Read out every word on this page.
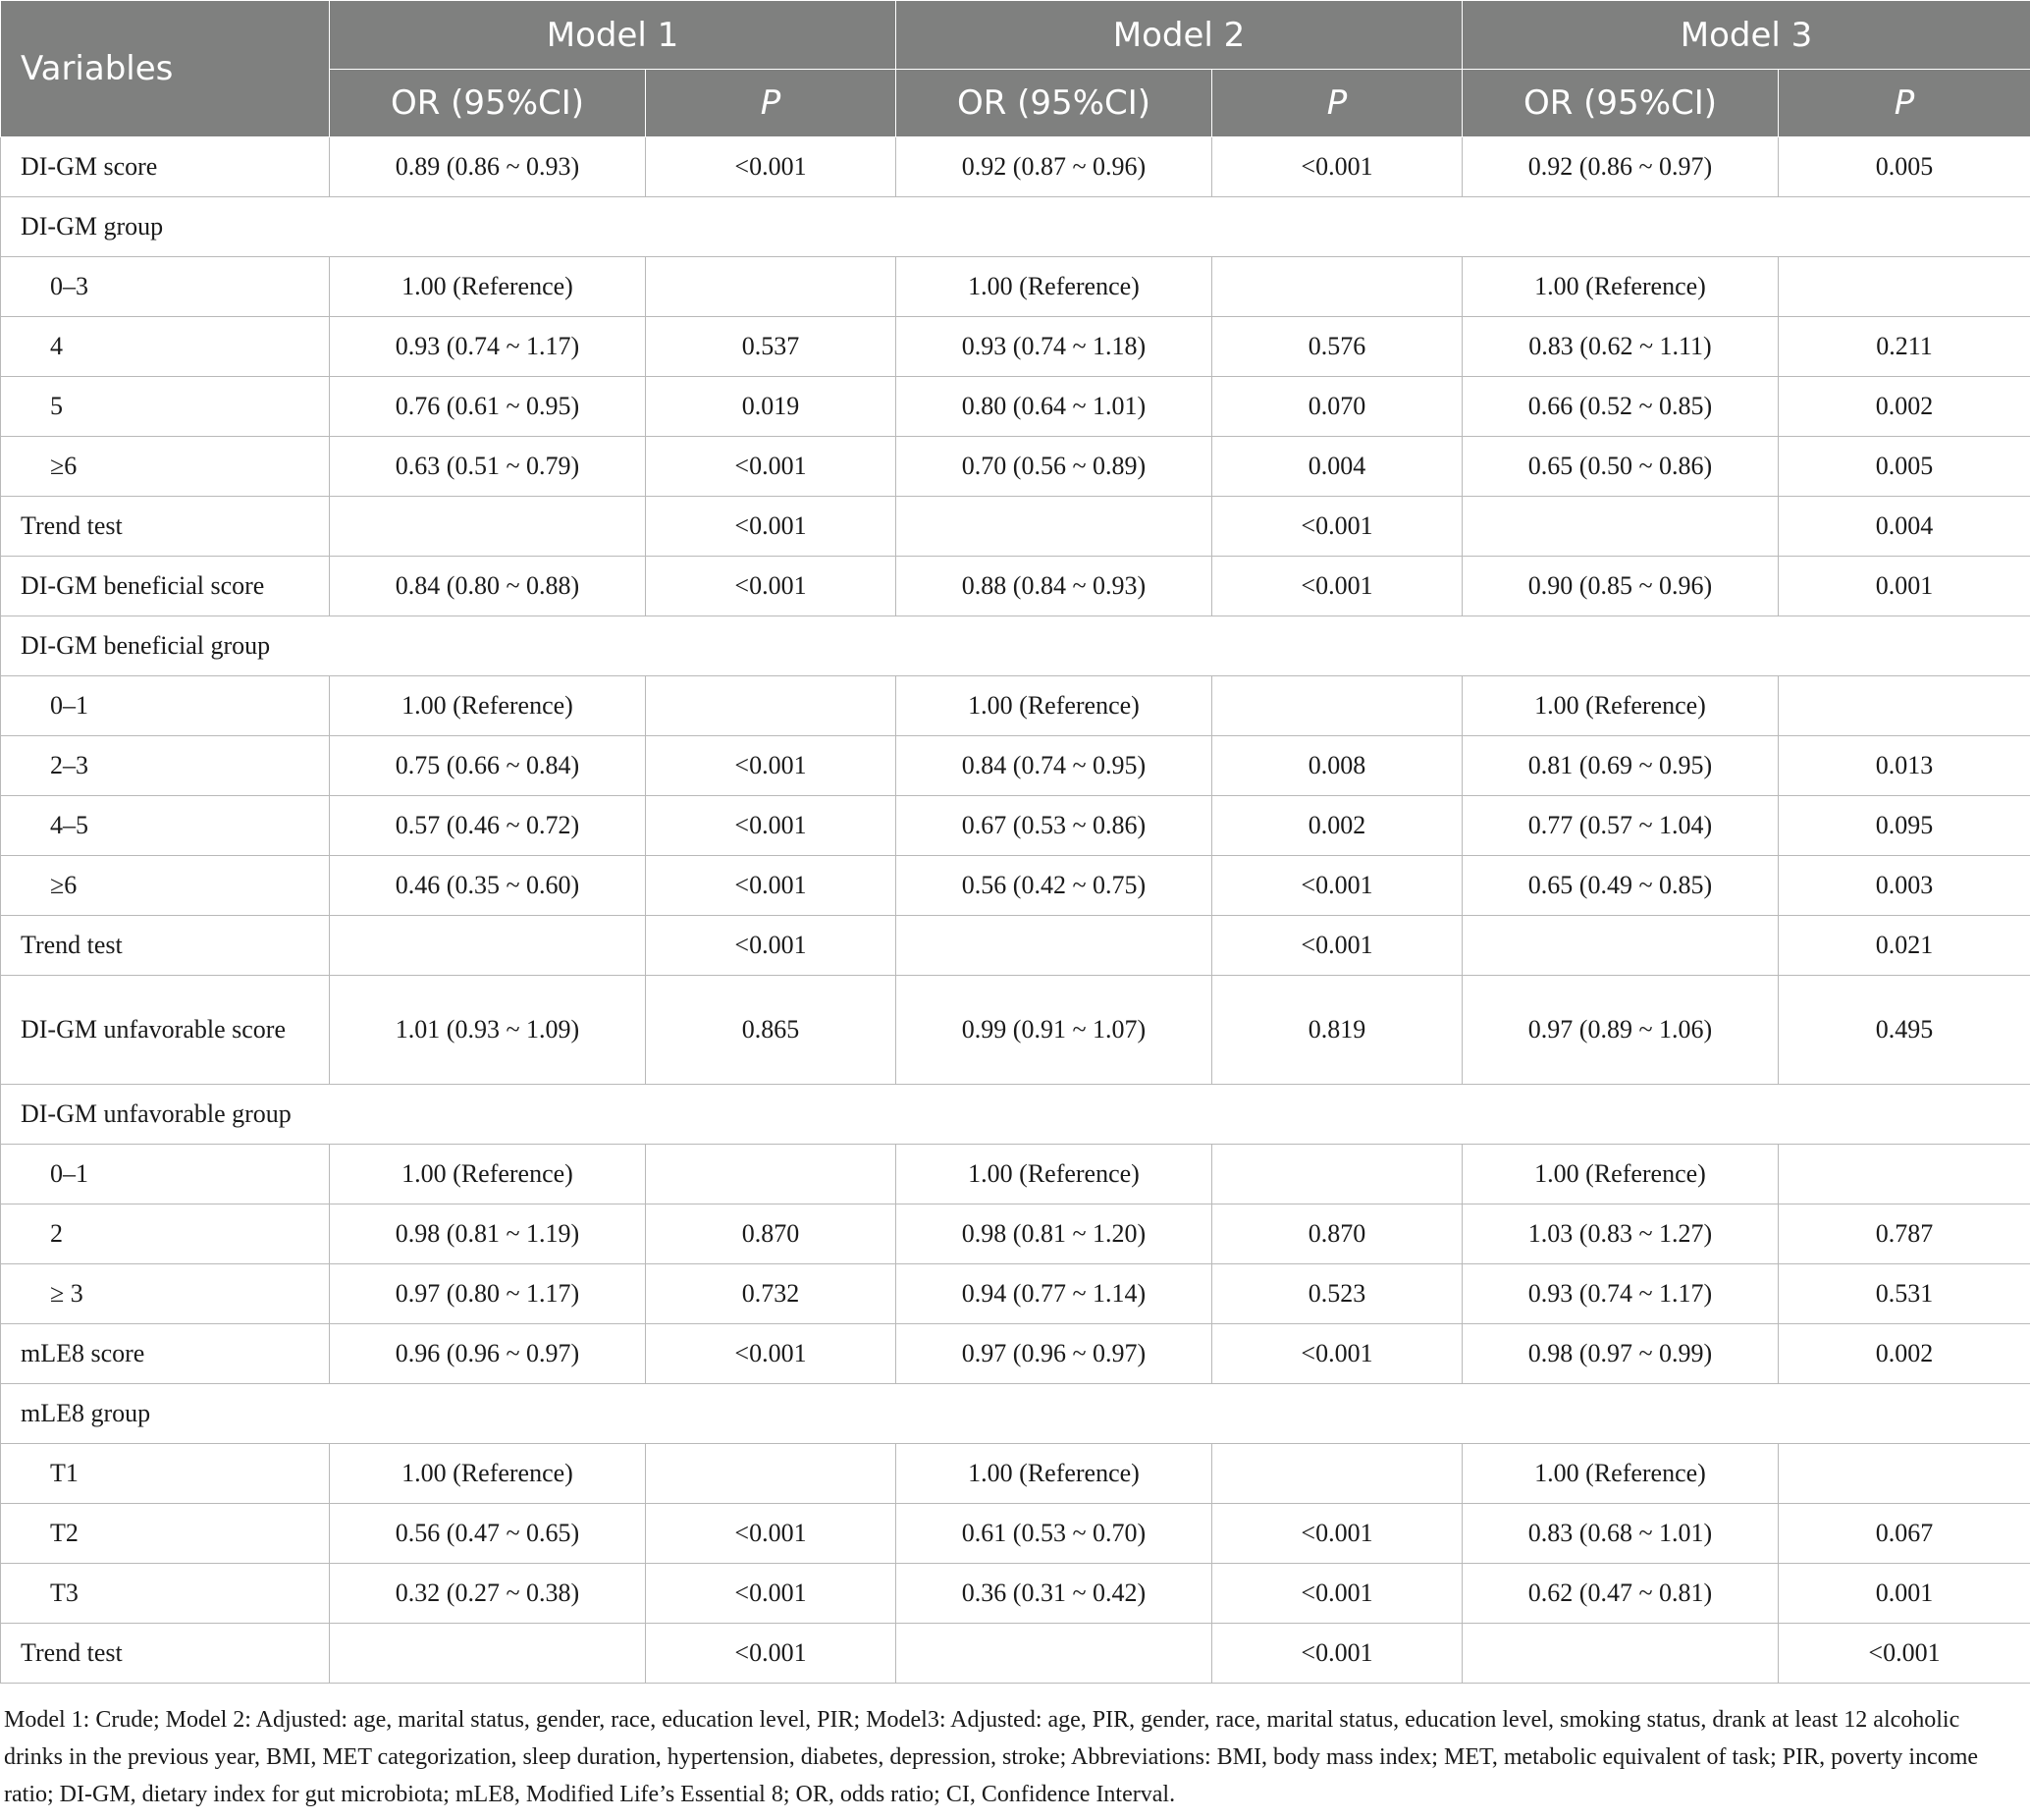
Variables	Model 1		Model 2		Model 3	
	OR (95%CI)	P	OR (95%CI)	P	OR (95%CI)	P
DI-GM score	0.89 (0.86 ~ 0.93)	<0.001	0.92 (0.87 ~ 0.96)	<0.001	0.92 (0.86 ~ 0.97)	0.005
DI-GM group						
0–3	1.00 (Reference)		1.00 (Reference)		1.00 (Reference)	
4	0.93 (0.74 ~ 1.17)	0.537	0.93 (0.74 ~ 1.18)	0.576	0.83 (0.62 ~ 1.11)	0.211
5	0.76 (0.61 ~ 0.95)	0.019	0.80 (0.64 ~ 1.01)	0.070	0.66 (0.52 ~ 0.85)	0.002
≥6	0.63 (0.51 ~ 0.79)	<0.001	0.70 (0.56 ~ 0.89)	0.004	0.65 (0.50 ~ 0.86)	0.005
Trend test		<0.001		<0.001		0.004
DI-GM beneficial score	0.84 (0.80 ~ 0.88)	<0.001	0.88 (0.84 ~ 0.93)	<0.001	0.90 (0.85 ~ 0.96)	0.001
DI-GM beneficial group						
0–1	1.00 (Reference)		1.00 (Reference)		1.00 (Reference)	
2–3	0.75 (0.66 ~ 0.84)	<0.001	0.84 (0.74 ~ 0.95)	0.008	0.81 (0.69 ~ 0.95)	0.013
4–5	0.57 (0.46 ~ 0.72)	<0.001	0.67 (0.53 ~ 0.86)	0.002	0.77 (0.57 ~ 1.04)	0.095
≥6	0.46 (0.35 ~ 0.60)	<0.001	0.56 (0.42 ~ 0.75)	<0.001	0.65 (0.49 ~ 0.85)	0.003
Trend test		<0.001		<0.001		0.021
DI-GM unfavorable score	1.01 (0.93 ~ 1.09)	0.865	0.99 (0.91 ~ 1.07)	0.819	0.97 (0.89 ~ 1.06)	0.495
DI-GM unfavorable group						
0–1	1.00 (Reference)		1.00 (Reference)		1.00 (Reference)	
2	0.98 (0.81 ~ 1.19)	0.870	0.98 (0.81 ~ 1.20)	0.870	1.03 (0.83 ~ 1.27)	0.787
≥ 3	0.97 (0.80 ~ 1.17)	0.732	0.94 (0.77 ~ 1.14)	0.523	0.93 (0.74 ~ 1.17)	0.531
mLE8 score	0.96 (0.96 ~ 0.97)	<0.001	0.97 (0.96 ~ 0.97)	<0.001	0.98 (0.97 ~ 0.99)	0.002
mLE8 group						
T1	1.00 (Reference)		1.00 (Reference)		1.00 (Reference)	
T2	0.56 (0.47 ~ 0.65)	<0.001	0.61 (0.53 ~ 0.70)	<0.001	0.83 (0.68 ~ 1.01)	0.067
T3	0.32 (0.27 ~ 0.38)	<0.001	0.36 (0.31 ~ 0.42)	<0.001	0.62 (0.47 ~ 0.81)	0.001
Trend test		<0.001		<0.001		<0.001
Model 1: Crude; Model 2: Adjusted: age, marital status, gender, race, education level, PIR; Model3: Adjusted: age, PIR, gender, race, marital status, education level, smoking status, drank at least 12 alcoholic drinks in the previous year, BMI, MET categorization, sleep duration, hypertension, diabetes, depression, stroke; Abbreviations: BMI, body mass index; MET, metabolic equivalent of task; PIR, poverty income ratio; DI-GM, dietary index for gut microbiota; mLE8, Modified Life’s Essential 8; OR, odds ratio; CI, Confidence Interval.
